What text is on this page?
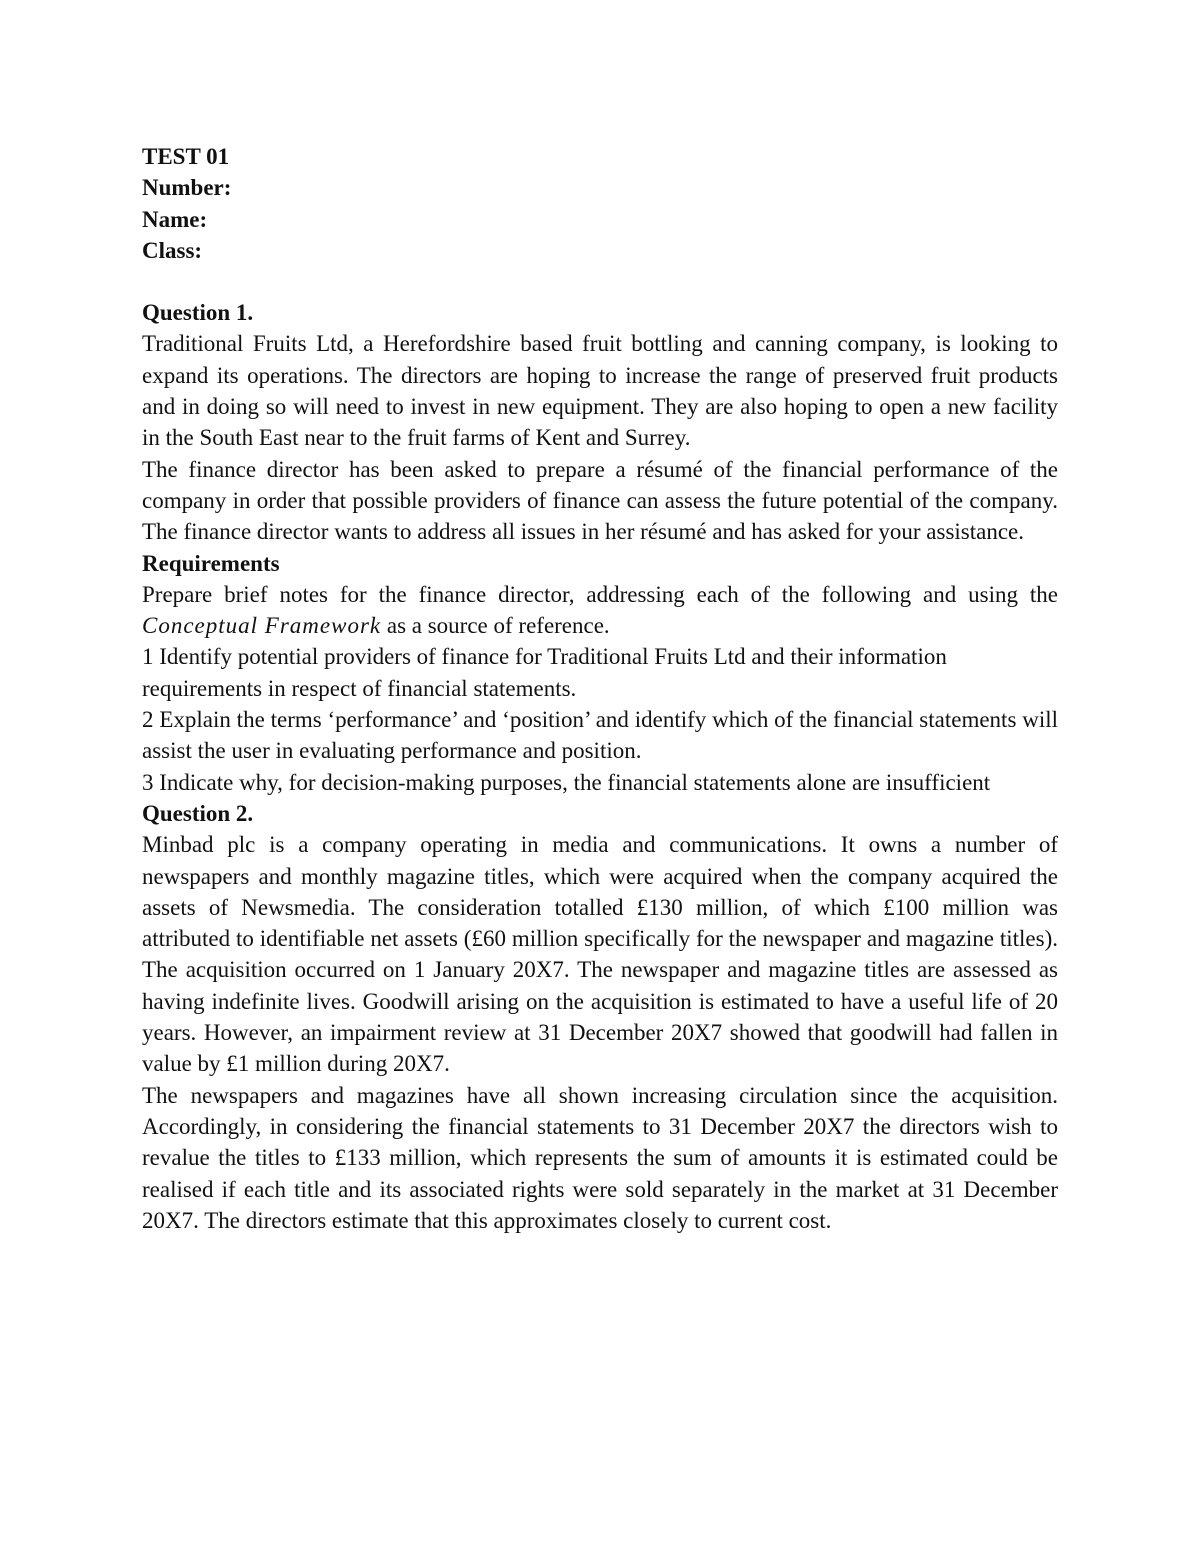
TEST 01

Number:

Name:

Class:

Question 1.

Traditional Fruits Ltd, a Herefordshire based fruit bottling and canning company, is looking to expand its operations. The directors are hoping to increase the range of preserved fruit products and in doing so will need to invest in new equipment. They are also hoping to open a new facility in the South East near to the fruit farms of Kent and Surrey.

The finance director has been asked to prepare a résumé of the financial performance of the company in order that possible providers of finance can assess the future potential of the company. The finance director wants to address all issues in her résumé and has asked for your assistance.

Requirements

Prepare brief notes for the finance director, addressing each of the following and using the Conceptual Framework as a source of reference.

1 Identify potential providers of finance for Traditional Fruits Ltd and their information requirements in respect of financial statements.

2 Explain the terms ‘performance’ and ‘position’ and identify which of the financial statements will assist the user in evaluating performance and position.

3 Indicate why, for decision-making purposes, the financial statements alone are insufficient

Question 2.

Minbad plc is a company operating in media and communications. It owns a number of newspapers and monthly magazine titles, which were acquired when the company acquired the assets of Newsmedia. The consideration totalled £130 million, of which £100 million was attributed to identifiable net assets (£60 million specifically for the newspaper and magazine titles). The acquisition occurred on 1 January 20X7. The newspaper and magazine titles are assessed as having indefinite lives. Goodwill arising on the acquisition is estimated to have a useful life of 20 years. However, an impairment review at 31 December 20X7 showed that goodwill had fallen in value by £1 million during 20X7.

The newspapers and magazines have all shown increasing circulation since the acquisition. Accordingly, in considering the financial statements to 31 December 20X7 the directors wish to revalue the titles to £133 million, which represents the sum of amounts it is estimated could be realised if each title and its associated rights were sold separately in the market at 31 December 20X7. The directors estimate that this approximates closely to current cost.
